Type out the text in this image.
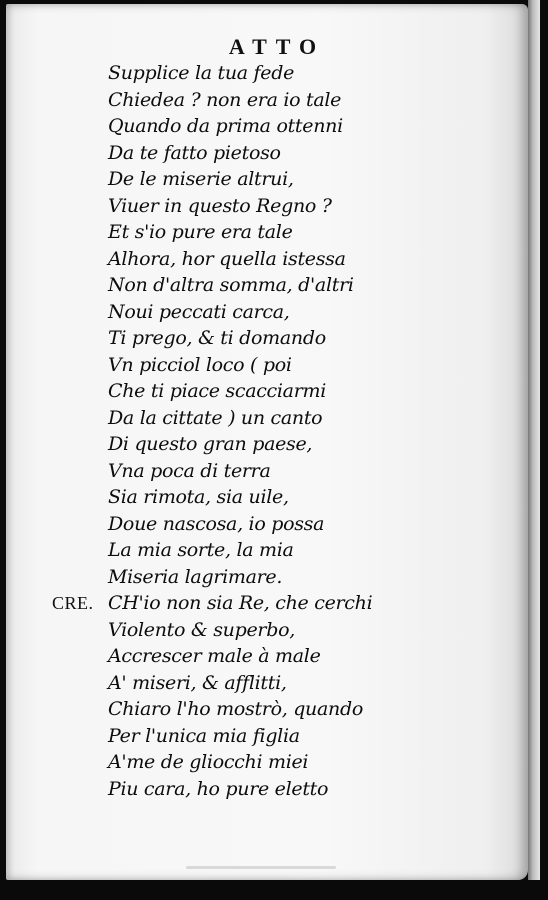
ATTO
Supplice la tua fede
Chiedea ? non era io tale
Quando da prima ottenni
Da te fatto pietoso
De le miserie altrui,
Viuer in questo Regno ?
Et s'io pure era tale
Alhora, hor quella istessa
Non d'altra somma, d'altri
Noui peccati carca,
Ti prego, & ti domando
Vn picciol loco ( poi
Che ti piace scacciarmi
Da la cittate ) un canto
Di questo gran paese,
Vna poca di terra
Sia rimota, sia uile,
Doue nascosa, io possa
La mia sorte, la mia
Miseria lagrimare.
CRE. CH'io non sia Re, che cerchi
Violento & superbo,
Accrescer male à male
A' miseri, & afflitti,
Chiaro l'ho mostrò, quando
Per l'unica mia figlia
A'me de gliocchi miei
Piu cara, ho pure eletto
